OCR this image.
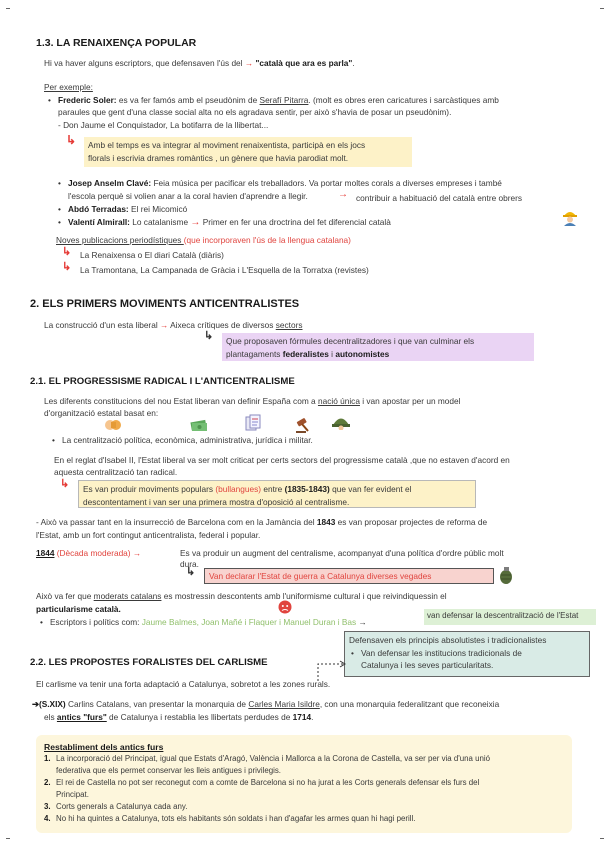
1.3. LA RENAIXENÇA POPULAR
Hi va haver alguns escriptors, que defensaven l'ús del → "català que ara es parla".
Per exemple:
• Frederic Soler: es va fer famós amb el pseudònim de Serafí Pitarra. (molt es obres eren caricatures i sarcàstiques amb
paraules que gent d'una classe social alta no els agradava sentir, per això s'havia de posar un pseudònim).
- Don Jaume el Conquistador, La botifarra de la llibertat...
↳ Amb el temps es va integrar al moviment renaixentista, participà en els jocs
florals i escrivia drames romàntics , un gènere que havia parodiat molt.
• Josep Anselm Clavé: Feia música per pacificar els treballadors. Va portar moltes corals a diverses empreses i també
l'escola perquè si volien anar a la coral havien d'aprendre a llegir.	→ contribuir a habituació del català entre obrers
• Abdó Terradas: El rei Micomicó
• Valentí Almirall: Lo catalanisme → Primer en fer una droctrina del fet diferencial català
Noves publicacions periodístiques (que incorporaven l'ús de la llengua catalana)
↳ La Renaixensa o El diari Català (diàris)
↳ La Tramontana, La Campanada de Gràcia i L'Esquella de la Torratxa (revistes)
2. ELS PRIMERS MOVIMENTS ANTICENTRALISTES
La construcció d'un esta liberal → Aixeca crítiques de diversos sectors
↳ Que proposaven fórmules decentralitzadores i que van culminar els
plantagaments federalistes i autonomistes
2.1. EL PROGRESSISME RADICAL I L'ANTICENTRALISME
Les diferents constitucions del nou Estat liberan van definir España com a nació única i van apostar per un model
d'organització estatal basat en:
• La centralització política, econòmica, administrativa, jurídica i militar.
En el reglat d'Isabel II, l'Estat liberal va ser molt criticat per certs sectors del progressisme català ,que no estaven d'acord en
aquesta centralització tan radical.
↳ Es van produir moviments populars (bullangues) entre (1835-1843) que van fer evident el
descontentament i van ser una primera mostra d'oposició al centralisme.
- Això va passar tant en la insurrecció de Barcelona com en la Jamància del 1843 es van proposar projectes de reforma de
l'Estat, amb un fort contingut anticentralista, federal i popular.
1844 (Dècada moderada) →	Es va produir un augment del centralisme, acompanyat d'una política d'ordre públic molt
dura.
↳	Van declarar l'Estat de guerra a Catalunya diverses vegades
Això va fer que moderats catalans es mostressin descontents amb l'uniformisme cultural i que reivindiquessin el
particularisme català.
• Escriptors i polítics com: Jaume Balmes, Joan Mañé i Flaquer i Manuel Duran i Bas →
van defensar la descentralització de l'Estat
Defensaven els principis absolutistes i tradicionalistes
• Van defensar les institucions tradicionals de
Catalunya i les seves particularitats.
2.2. LES PROPOSTES FORALISTES DEL CARLISME
El carlisme va tenir una forta adaptació a Catalunya, sobretot a les zones rurals.
➔(S.XIX) Carlins Catalans, van presentar la monarquia de Carles Maria Isildre, con una monarquia federalitzant que reconeixia
els antics "furs" de Catalunya i restablia les llibertats perdudes de 1714.
Restabliment dels antics furs
1. La incorporació del Principat, igual que Estats d'Aragó, València i Mallorca a la Corona de Castella, va ser per via d'una unió
federativa que els permet conservar les lleis antigues i privilegis.
2. El rei de Castella no pot ser reconegut com a comte de Barcelona si no ha jurat a les Corts generals defensar els furs del
Principat.
3. Corts generals a Catalunya cada any.
4. No hi ha quintes a Catalunya, tots els habitants són soldats i han d'agafar les armes quan hi hagi perill.
